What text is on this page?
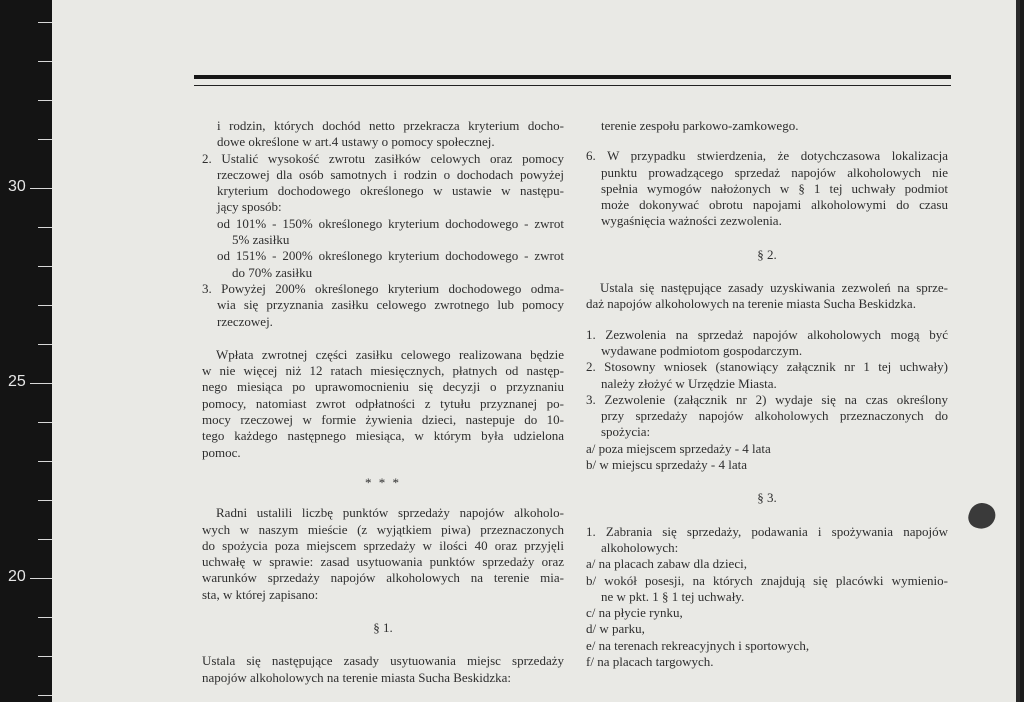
30
25
20
i rodzin, których dochód netto przekracza kryterium docho-
dowe określone w art.4 ustawy o pomocy społecznej.
2. Ustalić wysokość zwrotu zasiłków celowych oraz pomocy
rzeczowej dla osób samotnych i rodzin o dochodach powyżej
kryterium dochodowego określonego w ustawie w następu-
jący sposób:
od 101% - 150% określonego kryterium dochodowego - zwrot
5% zasiłku
od 151% - 200% określonego kryterium dochodowego - zwrot
do 70% zasiłku
3. Powyżej 200% określonego kryterium dochodowego odma-
wia się przyznania zasiłku celowego zwrotnego lub pomocy
rzeczowej.
Wpłata zwrotnej części zasiłku celowego realizowana będzie
w nie więcej niż 12 ratach miesięcznych, płatnych od następ-
nego miesiąca po uprawomocnieniu się decyzji o przyznaniu
pomocy, natomiast zwrot odpłatności z tytułu przyznanej po-
mocy rzeczowej w formie żywienia dzieci, nastepuje do 10-
tego każdego następnego miesiąca, w którym była udzielona
pomoc.
* * *
Radni ustalili liczbę punktów sprzedaży napojów alkoholo-
wych w naszym mieście (z wyjątkiem piwa) przeznaczonych
do spożycia poza miejscem sprzedaży w ilości 40 oraz przyjęli
uchwałę w sprawie: zasad usytuowania punktów sprzedaży oraz
warunków sprzedaży napojów alkoholowych na terenie mia-
sta, w której zapisano:
§ 1.
Ustala się następujące zasady usytuowania miejsc sprzedaży
napojów alkoholowych na terenie miasta Sucha Beskidzka:
terenie zespołu parkowo-zamkowego.
6. W przypadku stwierdzenia, że dotychczasowa lokalizacja
punktu prowadzącego sprzedaż napojów alkoholowych nie
spełnia wymogów nałożonych w § 1 tej uchwały podmiot
może dokonywać obrotu napojami alkoholowymi do czasu
wygaśnięcia ważności zezwolenia.
§ 2.
Ustala się następujące zasady uzyskiwania zezwoleń na sprze-
daż napojów alkoholowych na terenie miasta Sucha Beskidzka.
1. Zezwolenia na sprzedaż napojów alkoholowych mogą być
wydawane podmiotom gospodarczym.
2. Stosowny wniosek (stanowiący załącznik nr 1 tej uchwały)
należy złożyć w Urzędzie Miasta.
3. Zezwolenie (załącznik nr 2) wydaje się na czas określony
przy sprzedaży napojów alkoholowych przeznaczonych do
spożycia:
a/ poza miejscem sprzedaży - 4 lata
b/ w miejscu sprzedaży - 4 lata
§ 3.
1. Zabrania się sprzedaży, podawania i spożywania napojów
alkoholowych:
a/ na placach zabaw dla dzieci,
b/ wokół posesji, na których znajdują się placówki wymienio-
ne w pkt. 1 § 1 tej uchwały.
c/ na płycie rynku,
d/ w parku,
e/ na terenach rekreacyjnych i sportowych,
f/ na placach targowych.
